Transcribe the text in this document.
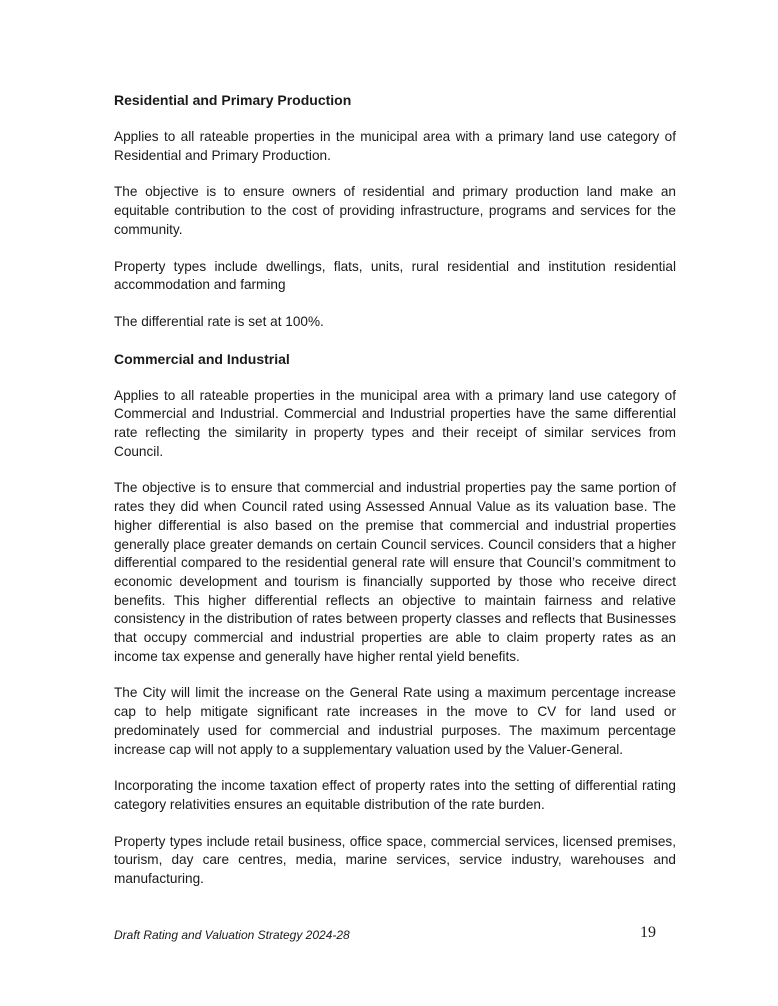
Residential and Primary Production

Applies to all rateable properties in the municipal area with a primary land use category of Residential and Primary Production.

The objective is to ensure owners of residential and primary production land make an equitable contribution to the cost of providing infrastructure, programs and services for the community.

Property types include dwellings, flats, units, rural residential and institution residential accommodation and farming

The differential rate is set at 100%.

Commercial and Industrial

Applies to all rateable properties in the municipal area with a primary land use category of Commercial and Industrial. Commercial and Industrial properties have the same differential rate reflecting the similarity in property types and their receipt of similar services from Council.

The objective is to ensure that commercial and industrial properties pay the same portion of rates they did when Council rated using Assessed Annual Value as its valuation base. The higher differential is also based on the premise that commercial and industrial properties generally place greater demands on certain Council services. Council considers that a higher differential compared to the residential general rate will ensure that Council’s commitment to economic development and tourism is financially supported by those who receive direct benefits. This higher differential reflects an objective to maintain fairness and relative consistency in the distribution of rates between property classes and reflects that Businesses that occupy commercial and industrial properties are able to claim property rates as an income tax expense and generally have higher rental yield benefits.

The City will limit the increase on the General Rate using a maximum percentage increase cap to help mitigate significant rate increases in the move to CV for land used or predominately used for commercial and industrial purposes. The maximum percentage increase cap will not apply to a supplementary valuation used by the Valuer-General.

Incorporating the income taxation effect of property rates into the setting of differential rating category relativities ensures an equitable distribution of the rate burden.

Property types include retail business, office space, commercial services, licensed premises, tourism, day care centres, media, marine services, service industry, warehouses and manufacturing.

Draft Rating and Valuation Strategy 2024-28	19
